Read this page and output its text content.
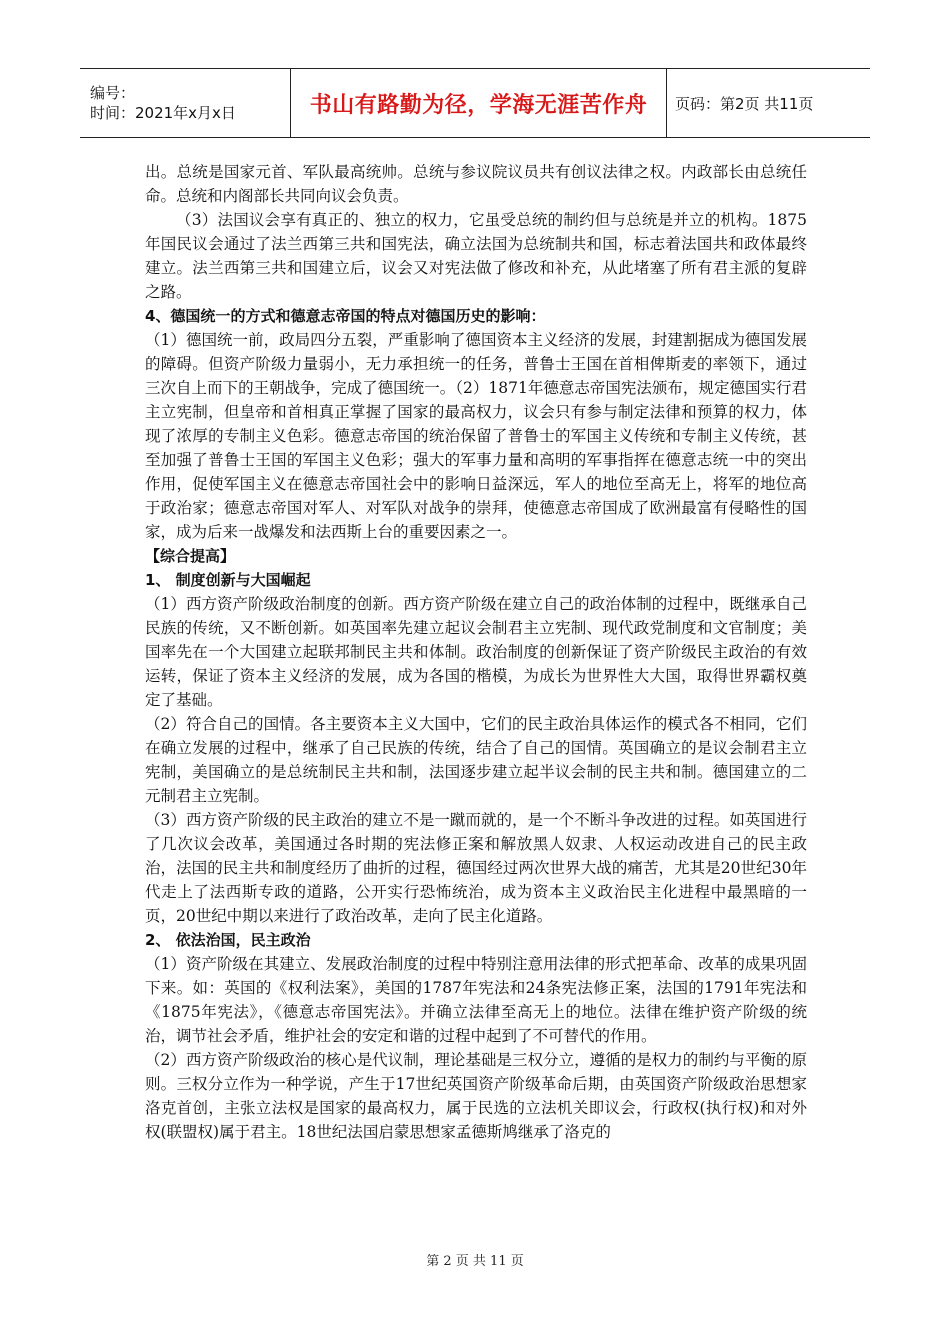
编号：
时间：2021年x月x日	书山有路勤为径，学海无涯苦作舟	页码：第2页 共11页

出。总统是国家元首、军队最高统帅。总统与参议院议员共有创议法律之权。内政部长由总统任命。总统和内阁部长共同向议会负责。

（3）法国议会享有真正的、独立的权力，它虽受总统的制约但与总统是并立的机构。1875年国民议会通过了法兰西第三共和国宪法，确立法国为总统制共和国，标志着法国共和政体最终建立。法兰西第三共和国建立后，议会又对宪法做了修改和补充，从此堵塞了所有君主派的复辟之路。

4、德国统一的方式和德意志帝国的特点对德国历史的影响：

（1）德国统一前，政局四分五裂，严重影响了德国资本主义经济的发展，封建割据成为德国发展的障碍。但资产阶级力量弱小，无力承担统一的任务，普鲁士王国在首相俾斯麦的率领下，通过三次自上而下的王朝战争，完成了德国统一。（2）1871年德意志帝国宪法颁布，规定德国实行君主立宪制，但皇帝和首相真正掌握了国家的最高权力，议会只有参与制定法律和预算的权力，体现了浓厚的专制主义色彩。德意志帝国的统治保留了普鲁士的军国主义传统和专制主义传统，甚至加强了普鲁士王国的军国主义色彩；强大的军事力量和高明的军事指挥在德意志统一中的突出作用，促使军国主义在德意志帝国社会中的影响日益深远，军人的地位至高无上，将军的地位高于政治家；德意志帝国对军人、对军队对战争的崇拜，使德意志帝国成了欧洲最富有侵略性的国家，成为后来一战爆发和法西斯上台的重要因素之一。

【综合提高】

1、 制度创新与大国崛起

（1）西方资产阶级政治制度的创新。西方资产阶级在建立自己的政治体制的过程中，既继承自己民族的传统，又不断创新。如英国率先建立起议会制君主立宪制、现代政党制度和文官制度；美国率先在一个大国建立起联邦制民主共和体制。政治制度的创新保证了资产阶级民主政治的有效运转，保证了资本主义经济的发展，成为各国的楷模，为成长为世界性大大国，取得世界霸权奠定了基础。

（2）符合自己的国情。各主要资本主义大国中，它们的民主政治具体运作的模式各不相同，它们在确立发展的过程中，继承了自己民族的传统，结合了自己的国情。英国确立的是议会制君主立宪制，美国确立的是总统制民主共和制，法国逐步建立起半议会制的民主共和制。德国建立的二元制君主立宪制。

（3）西方资产阶级的民主政治的建立不是一蹴而就的，是一个不断斗争改进的过程。如英国进行了几次议会改革，美国通过各时期的宪法修正案和解放黑人奴隶、人权运动改进自己的民主政治，法国的民主共和制度经历了曲折的过程，德国经过两次世界大战的痛苦，尤其是20世纪30年代走上了法西斯专政的道路，公开实行恐怖统治，成为资本主义政治民主化进程中最黑暗的一页，20世纪中期以来进行了政治改革，走向了民主化道路。

2、 依法治国，民主政治

（1）资产阶级在其建立、发展政治制度的过程中特别注意用法律的形式把革命、改革的成果巩固下来。如：英国的《权利法案》，美国的1787年宪法和24条宪法修正案，法国的1791年宪法和《1875年宪法》，《德意志帝国宪法》。并确立法律至高无上的地位。法律在维护资产阶级的统治，调节社会矛盾，维护社会的安定和谐的过程中起到了不可替代的作用。

（2）西方资产阶级政治的核心是代议制，理论基础是三权分立，遵循的是权力的制约与平衡的原则。三权分立作为一种学说，产生于17世纪英国资产阶级革命后期，由英国资产阶级政治思想家洛克首创，主张立法权是国家的最高权力，属于民选的立法机关即议会，行政权(执行权)和对外权(联盟权)属于君主。18世纪法国启蒙思想家孟德斯鸠继承了洛克的

第 2 页 共 11 页
